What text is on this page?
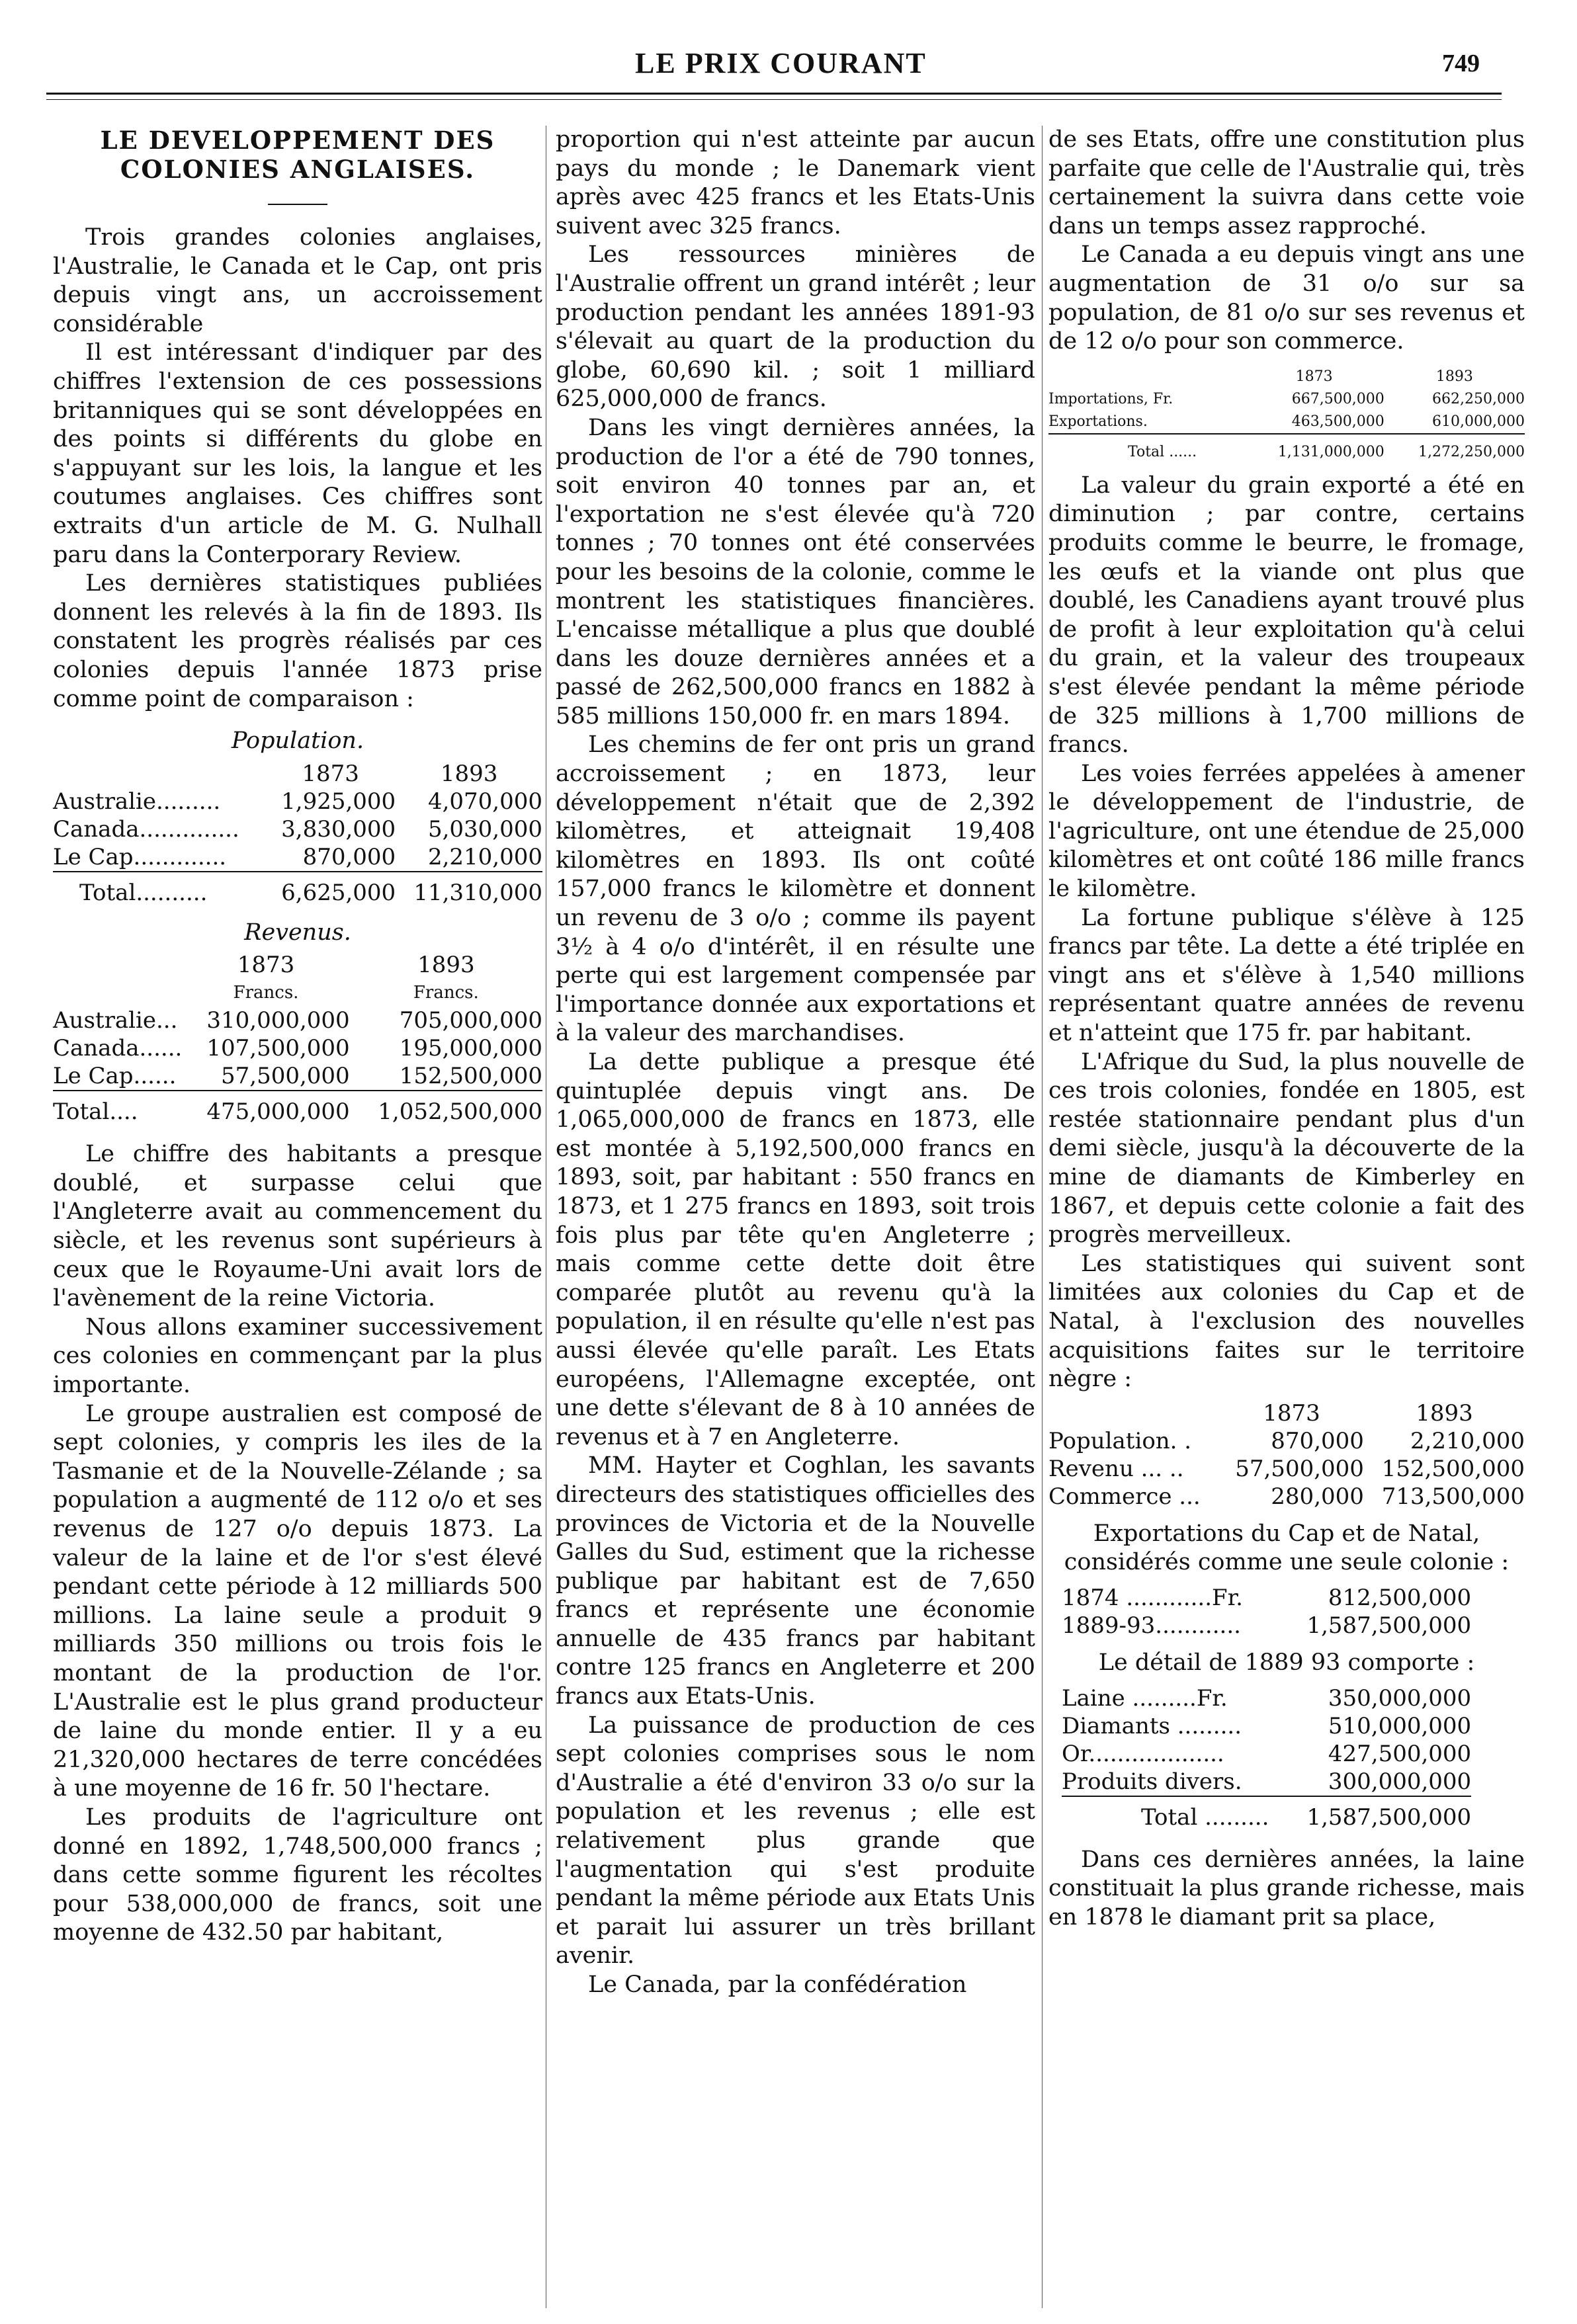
LE PRIX COURANT	749
LE DEVELOPPEMENT DES COLONIES ANGLAISES.

Trois grandes colonies anglaises, l'Australie, le Canada et le Cap, ont pris depuis vingt ans, un accroissement considérable

Il est intéressant d'indiquer par des chiffres l'extension de ces possessions britanniques qui se sont développées en des points si différents du globe en s'appuyant sur les lois, la langue et les coutumes anglaises. Ces chiffres sont extraits d'un article de M. G. Nulhall paru dans la Conterporary Review.

Les dernières statistiques publiées donnent les relevés à la fin de 1893. Ils constatent les progrès réalisés par ces colonies depuis l'année 1873 prise comme point de comparaison :

Population.
	1873	1893
Australie.........	1,925,000	4,070,000
Canada..............	3,830,000	5,030,000
Le Cap.............	870,000	2,210,000
Total..........	6,625,000	11,310,000
Revenus.
	1873	1893
	Francs.	Francs.
Australie...	310,000,000	705,000,000
Canada......	107,500,000	195,000,000
Le Cap......	57,500,000	152,500,000
Total....	475,000,000	1,052,500,000

Le chiffre des habitants a presque doublé, et surpasse celui que l'Angleterre avait au commencement du siècle, et les revenus sont supérieurs à ceux que le Royaume-Uni avait lors de l'avènement de la reine Victoria.

Nous allons examiner successivement ces colonies en commençant par la plus importante.

Le groupe australien est composé de sept colonies, y compris les iles de la Tasmanie et de la Nouvelle-Zélande ; sa population a augmenté de 112 o/o et ses revenus de 127 o/o depuis 1873. La valeur de la laine et de l'or s'est élevé pendant cette période à 12 milliards 500 millions. La laine seule a produit 9 milliards 350 millions ou trois fois le montant de la production de l'or. L'Australie est le plus grand producteur de laine du monde entier. Il y a eu 21,320,000 hectares de terre concédées à une moyenne de 16 fr. 50 l'hectare.

Les produits de l'agriculture ont donné en 1892, 1,748,500,000 francs ; dans cette somme figurent les récoltes pour 538,000,000 de francs, soit une moyenne de 432.50 par habitant,

proportion qui n'est atteinte par aucun pays du monde ; le Danemark vient après avec 425 francs et les Etats-Unis suivent avec 325 francs.

Les ressources minières de l'Australie offrent un grand intérêt ; leur production pendant les années 1891-93 s'élevait au quart de la production du globe, 60,690 kil. ; soit 1 milliard 625,000,000 de francs.

Dans les vingt dernières années, la production de l'or a été de 790 tonnes, soit environ 40 tonnes par an, et l'exportation ne s'est élevée qu'à 720 tonnes ; 70 tonnes ont été conservées pour les besoins de la colonie, comme le montrent les statistiques financières. L'encaisse métallique a plus que doublé dans les douze dernières années et a passé de 262,500,000 francs en 1882 à 585 millions 150,000 fr. en mars 1894.

Les chemins de fer ont pris un grand accroissement ; en 1873, leur développement n'était que de 2,392 kilomètres, et atteignait 19,408 kilomètres en 1893. Ils ont coûté 157,000 francs le kilomètre et donnent un revenu de 3 o/o ; comme ils payent 3½ à 4 o/o d'intérêt, il en résulte une perte qui est largement compensée par l'importance donnée aux exportations et à la valeur des marchandises.

La dette publique a presque été quintuplée depuis vingt ans. De 1,065,000,000 de francs en 1873, elle est montée à 5,192,500,000 francs en 1893, soit, par habitant : 550 francs en 1873, et 1 275 francs en 1893, soit trois fois plus par tête qu'en Angleterre ; mais comme cette dette doit être comparée plutôt au revenu qu'à la population, il en résulte qu'elle n'est pas aussi élevée qu'elle paraît. Les Etats européens, l'Allemagne exceptée, ont une dette s'élevant de 8 à 10 années de revenus et à 7 en Angleterre.

MM. Hayter et Coghlan, les savants directeurs des statistiques officielles des provinces de Victoria et de la Nouvelle Galles du Sud, estiment que la richesse publique par habitant est de 7,650 francs et représente une économie annuelle de 435 francs par habitant contre 125 francs en Angleterre et 200 francs aux Etats-Unis.

La puissance de production de ces sept colonies comprises sous le nom d'Australie a été d'environ 33 o/o sur la population et les revenus ; elle est relativement plus grande que l'augmentation qui s'est produite pendant la même période aux Etats Unis et parait lui assurer un très brillant avenir.

Le Canada, par la confédération

de ses Etats, offre une constitution plus parfaite que celle de l'Australie qui, très certainement la suivra dans cette voie dans un temps assez rapproché.

Le Canada a eu depuis vingt ans une augmentation de 31 o/o sur sa population, de 81 o/o sur ses revenus et de 12 o/o pour son commerce.

	1873	1893
Importations, Fr.	667,500,000	662,250,000
Exportations.	463,500,000	610,000,000
Total ......	1,131,000,000	1,272,250,000

La valeur du grain exporté a été en diminution ; par contre, certains produits comme le beurre, le fromage, les œufs et la viande ont plus que doublé, les Canadiens ayant trouvé plus de profit à leur exploitation qu'à celui du grain, et la valeur des troupeaux s'est élevée pendant la même période de 325 millions à 1,700 millions de francs.

Les voies ferrées appelées à amener le développement de l'industrie, de l'agriculture, ont une étendue de 25,000 kilomètres et ont coûté 186 mille francs le kilomètre.

La fortune publique s'élève à 125 francs par tête. La dette a été triplée en vingt ans et s'élève à 1,540 millions représentant quatre années de revenu et n'atteint que 175 fr. par habitant.

L'Afrique du Sud, la plus nouvelle de ces trois colonies, fondée en 1805, est restée stationnaire pendant plus d'un demi siècle, jusqu'à la découverte de la mine de diamants de Kimberley en 1867, et depuis cette colonie a fait des progrès merveilleux.

Les statistiques qui suivent sont limitées aux colonies du Cap et de Natal, à l'exclusion des nouvelles acquisitions faites sur le territoire nègre :

	1873	1893
Population. .	870,000	2,210,000
Revenu ... ..	57,500,000	152,500,000
Commerce ...	280,000	713,500,000
Exportations du Cap et de Natal, considérés comme une seule colonie :
1874 ............Fr.	812,500,000
1889-93............	1,587,500,000
Le détail de 1889 93 comporte :
Laine .........Fr.	350,000,000
Diamants .........	510,000,000
Or...................	427,500,000
Produits divers.	300,000,000
Total .........	1,587,500,000

Dans ces dernières années, la laine constituait la plus grande richesse, mais en 1878 le diamant prit sa place,
